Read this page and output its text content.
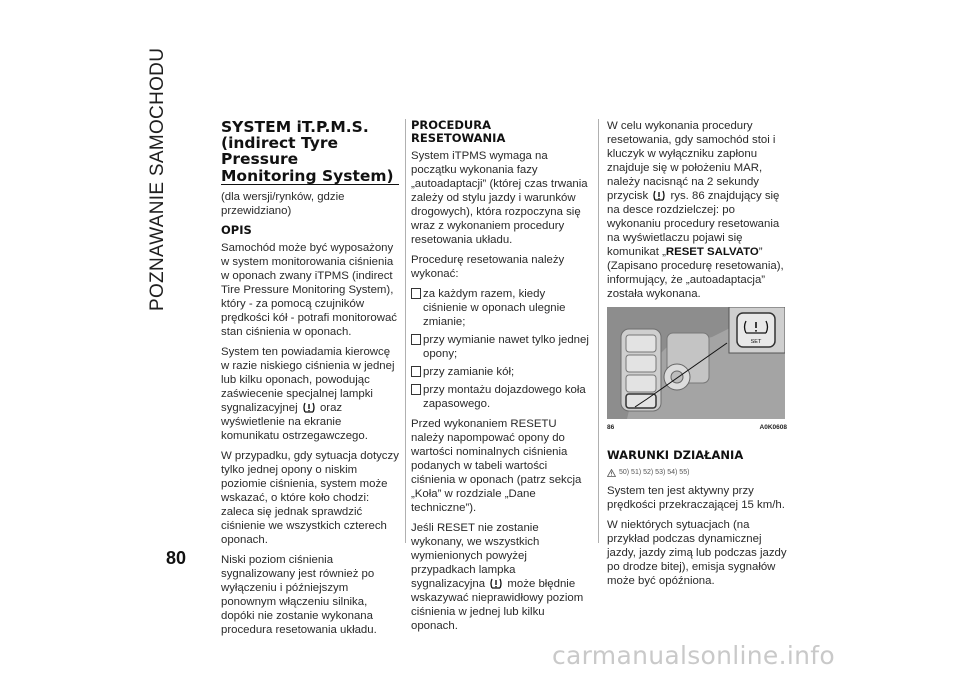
POZNAWANIE SAMOCHODU	SYSTEM iT.P.M.S.
(indirect Tyre
Pressure
Monitoring System)

(dla wersji/rynków, gdzie przewidziano)

OPIS

Samochód może być wyposażony w system monitorowania ciśnienia w oponach zwany iTPMS (indirect Tire Pressure Monitoring System), który - za pomocą czujników prędkości kół - potrafi monitorować stan ciśnienia w oponach.

System ten powiadamia kierowcę w razie niskiego ciśnienia w jednej lub kilku oponach, powodując zaświecenie specjalnej lampki sygnalizacyjnej oraz wyświetlenie na ekranie komunikatu ostrzegawczego.

W przypadku, gdy sytuacja dotyczy tylko jednej opony o niskim poziomie ciśnienia, system może wskazać, o które koło chodzi: zaleca się jednak sprawdzić ciśnienie we wszystkich czterech oponach.

Niski poziom ciśnienia sygnalizowany jest również po wyłączeniu i późniejszym ponownym włączeniu silnika, dopóki nie zostanie wykonana procedura resetowania układu.

PROCEDURA
RESETOWANIA

System iTPMS wymaga na początku wykonania fazy „autoadaptacji” (której czas trwania zależy od stylu jazdy i warunków drogowych), która rozpoczyna się wraz z wykonaniem procedury resetowania układu.

Procedurę resetowania należy wykonać:

za każdym razem, kiedy ciśnienie w oponach ulegnie zmianie;
przy wymianie nawet tylko jednej opony;
przy zamianie kół;
przy montażu dojazdowego koła zapasowego.

Przed wykonaniem RESETU należy napompować opony do wartości nominalnych ciśnienia podanych w tabeli wartości ciśnienia w oponach (patrz sekcja „Koła” w rozdziale „Dane techniczne”).

Jeśli RESET nie zostanie wykonany, we wszystkich wymienionych powyżej przypadkach lampka sygnalizacyjna może błędnie wskazywać nieprawidłowy poziom ciśnienia w jednej lub kilku oponach.

W celu wykonania procedury resetowania, gdy samochód stoi i kluczyk w wyłączniku zapłonu znajduje się w położeniu MAR, należy nacisnąć na 2 sekundy przycisk rys. 86 znajdujący się na desce rozdzielczej: po wykonaniu procedury resetowania na wyświetlaczu pojawi się komunikat „RESET SALVATO” (Zapisano procedurę resetowania), informujący, że „autoadaptacja” została wykonana.

SET
86	A0K0608
WARUNKI DZIAŁANIA
50) 51) 52) 53) 54) 55)

System ten jest aktywny przy prędkości przekraczającej 15 km/h.

W niektórych sytuacjach (na przykład podczas dynamicznej jazdy, jazdy zimą lub podczas jazdy po drodze bitej), emisja sygnałów może być opóźniona.

80
carmanualsonline.info
